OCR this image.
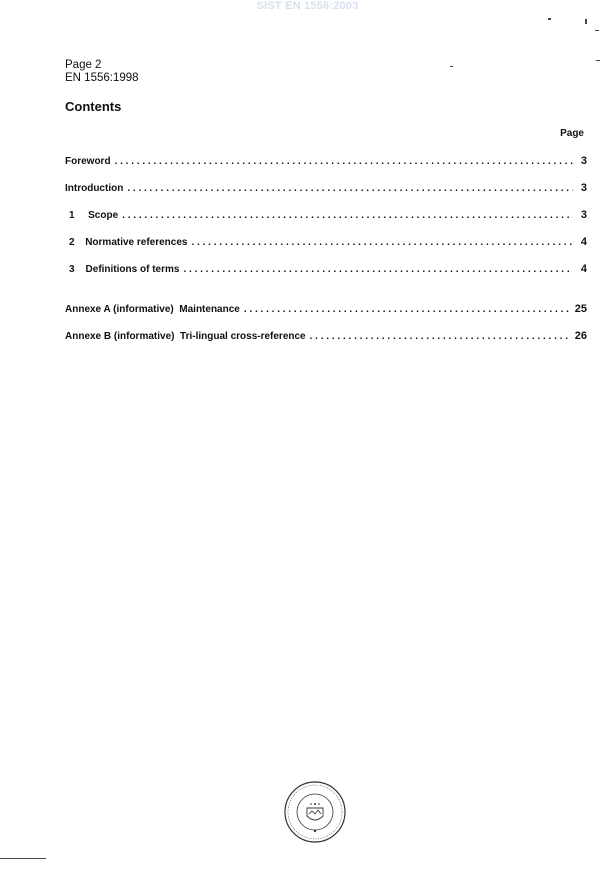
SIST EN 1556:2003
Page 2
EN 1556:1998
Contents
Page
Foreword . . .	3
Introduction . . .	3
1	Scope . . .	3
2	Normative references . . .	4
3	Definitions of terms . . .	4
Annexe A (informative)  Maintenance . . .	25
Annexe B (informative)  Tri-lingual cross-reference . . .	26
